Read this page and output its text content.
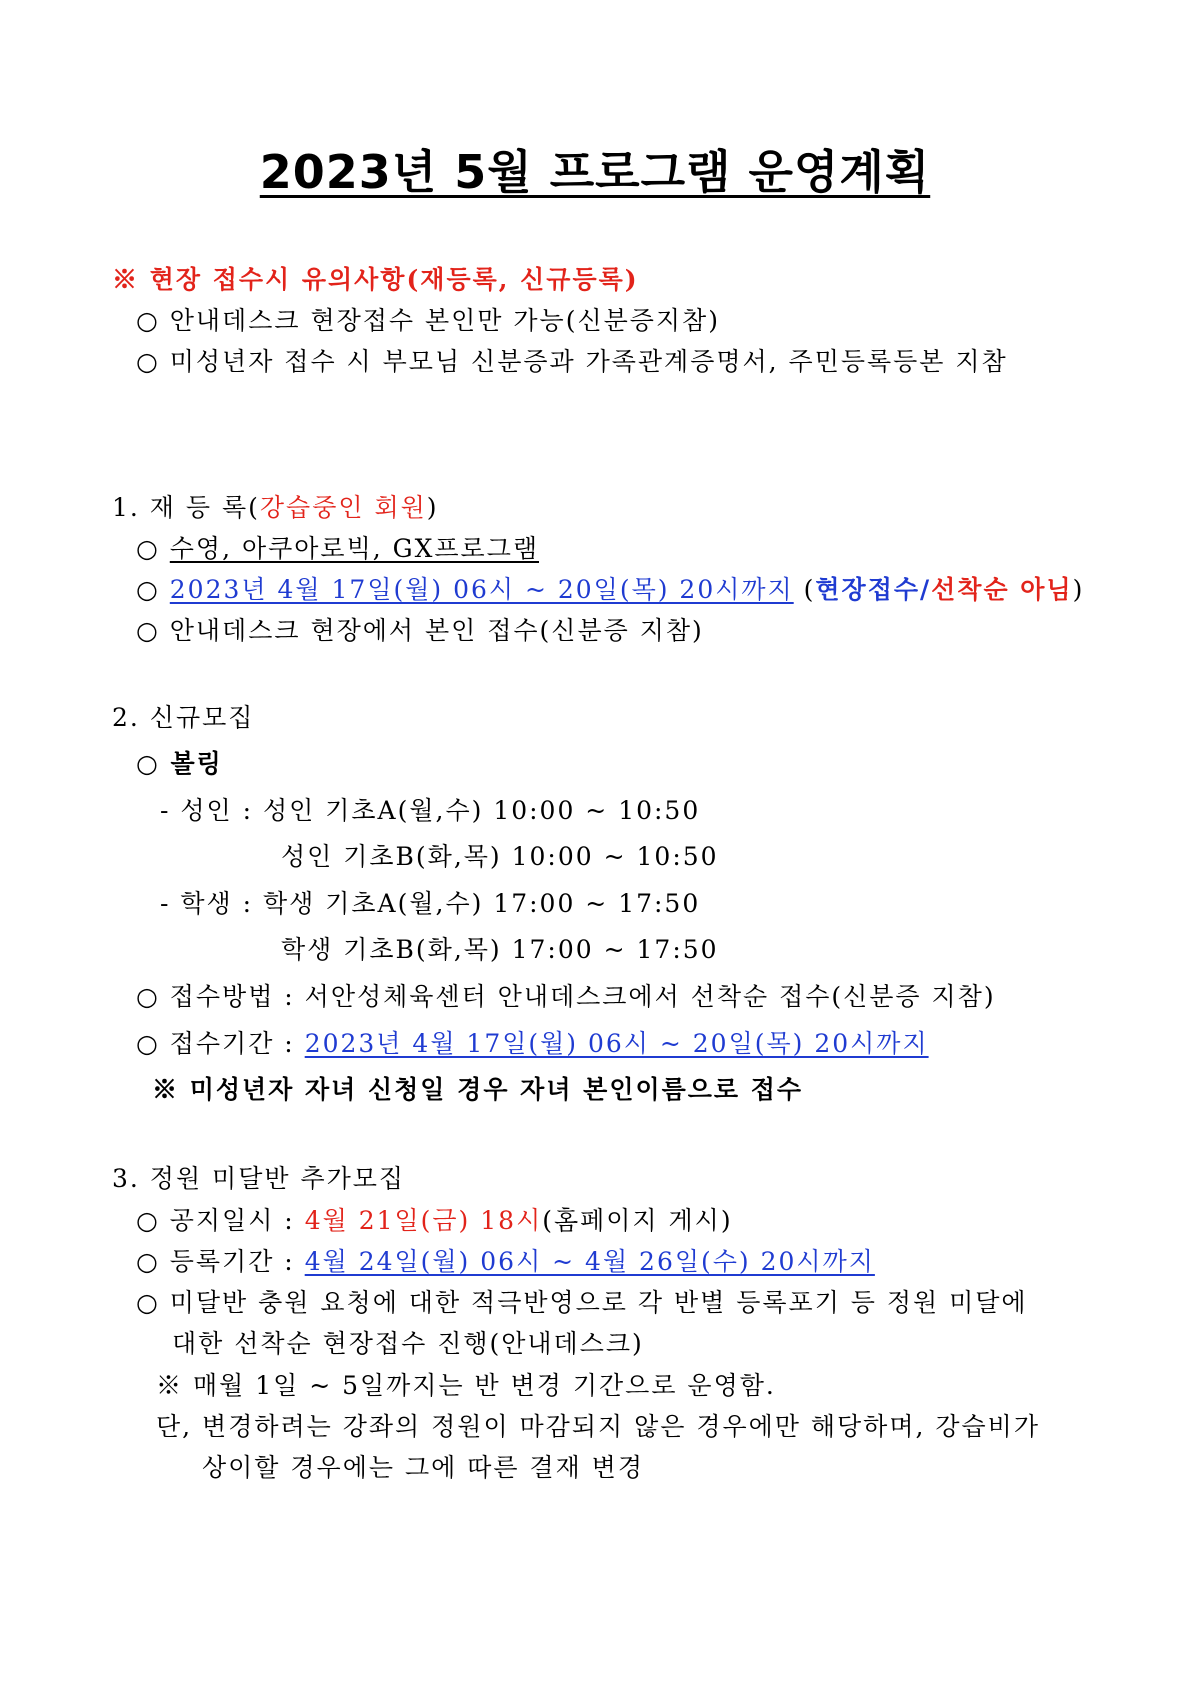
2023년 5월 프로그램 운영계획
※ 현장 접수시 유의사항(재등록, 신규등록)
○ 안내데스크 현장접수 본인만 가능(신분증지참)
○ 미성년자 접수 시 부모님 신분증과 가족관계증명서, 주민등록등본 지참
1. 재 등 록(강습중인 회원)
○ 수영, 아쿠아로빅, GX프로그램
○ 2023년 4월 17일(월) 06시 ~ 20일(목) 20시까지 (현장접수/선착순 아님)
○ 안내데스크 현장에서 본인 접수(신분증 지참)
2. 신규모집
○ 볼링
- 성인 : 성인 기초A(월,수) 10:00 ~ 10:50
성인 기초B(화,목) 10:00 ~ 10:50
- 학생 : 학생 기초A(월,수) 17:00 ~ 17:50
학생 기초B(화,목) 17:00 ~ 17:50
○ 접수방법 : 서안성체육센터 안내데스크에서 선착순 접수(신분증 지참)
○ 접수기간 : 2023년 4월 17일(월) 06시 ~ 20일(목) 20시까지
※ 미성년자 자녀 신청일 경우 자녀 본인이름으로 접수
3. 정원 미달반 추가모집
○ 공지일시 : 4월 21일(금) 18시(홈페이지 게시)
○ 등록기간 : 4월 24일(월) 06시 ~ 4월 26일(수) 20시까지
○ 미달반 충원 요청에 대한 적극반영으로 각 반별 등록포기 등 정원 미달에
대한 선착순 현장접수 진행(안내데스크)
※ 매월 1일 ~ 5일까지는 반 변경 기간으로 운영함.
단, 변경하려는 강좌의 정원이 마감되지 않은 경우에만 해당하며, 강습비가
상이할 경우에는 그에 따른 결재 변경
